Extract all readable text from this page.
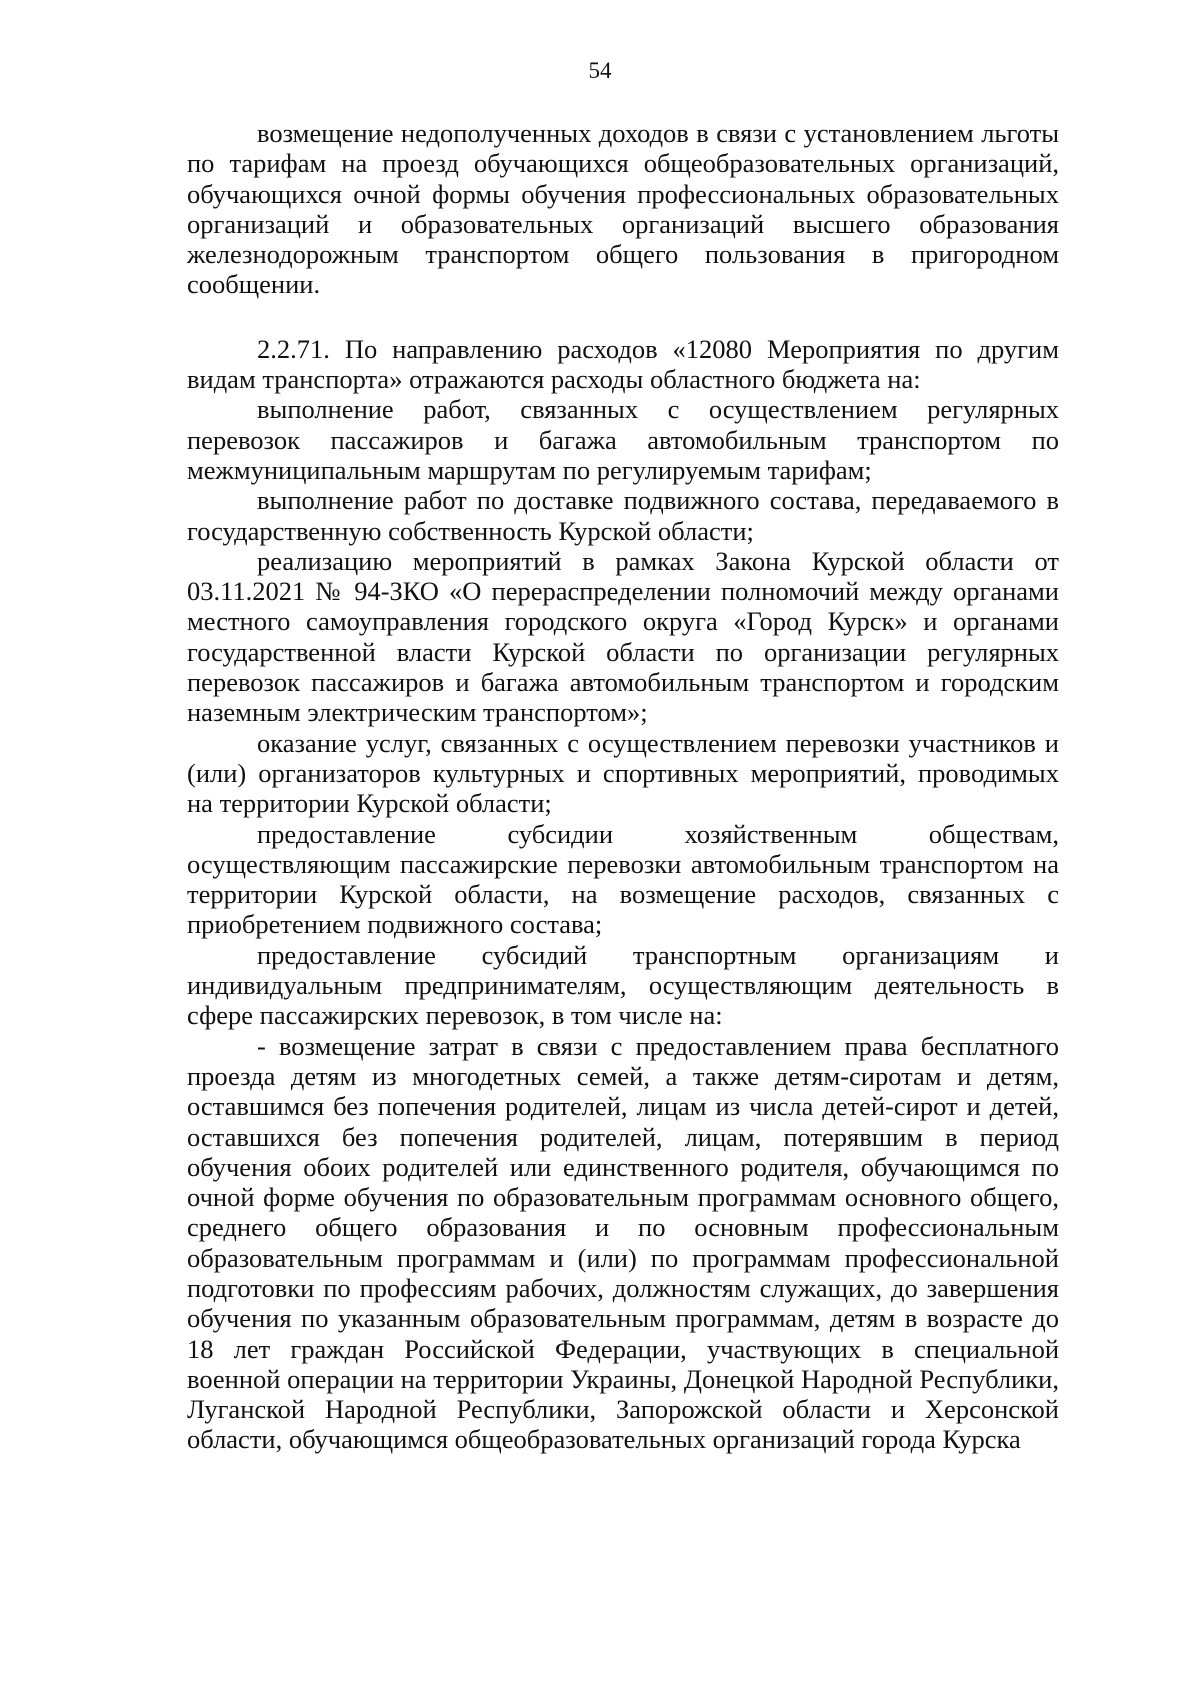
54

возмещение недополученных доходов в связи с установлением льготы по тарифам на проезд обучающихся общеобразовательных организаций, обучающихся очной формы обучения профессиональных образовательных организаций и образовательных организаций высшего образования железнодорожным транспортом общего пользования в пригородном сообщении.

2.2.71. По направлению расходов «12080 Мероприятия по другим видам транспорта» отражаются расходы областного бюджета на:

выполнение работ, связанных с осуществлением регулярных перевозок пассажиров и багажа автомобильным транспортом по межмуниципальным маршрутам по регулируемым тарифам;

выполнение работ по доставке подвижного состава, передаваемого в государственную собственность Курской области;

реализацию мероприятий в рамках Закона Курской области от 03.11.2021 № 94-ЗКО «О перераспределении полномочий между органами местного самоуправления городского округа «Город Курск» и органами государственной власти Курской области по организации регулярных перевозок пассажиров и багажа автомобильным транспортом и городским наземным электрическим транспортом»;

оказание услуг, связанных с осуществлением перевозки участников и (или) организаторов культурных и спортивных мероприятий, проводимых на территории Курской области;

предоставление субсидии хозяйственным обществам, осуществляющим пассажирские перевозки автомобильным транспортом на территории Курской области, на возмещение расходов, связанных с приобретением подвижного состава;

предоставление субсидий транспортным организациям и индивидуальным предпринимателям, осуществляющим деятельность в сфере пассажирских перевозок, в том числе на:

- возмещение затрат в связи с предоставлением права бесплатного проезда детям из многодетных семей, а также детям-сиротам и детям, оставшимся без попечения родителей, лицам из числа детей-сирот и детей, оставшихся без попечения родителей, лицам, потерявшим в период обучения обоих родителей или единственного родителя, обучающимся по очной форме обучения по образовательным программам основного общего, среднего общего образования и по основным профессиональным образовательным программам и (или) по программам профессиональной подготовки по профессиям рабочих, должностям служащих, до завершения обучения по указанным образовательным программам, детям в возрасте до 18 лет граждан Российской Федерации, участвующих в специальной военной операции на территории Украины, Донецкой Народной Республики, Луганской Народной Республики, Запорожской области и Херсонской области, обучающимся общеобразовательных организаций города Курска
